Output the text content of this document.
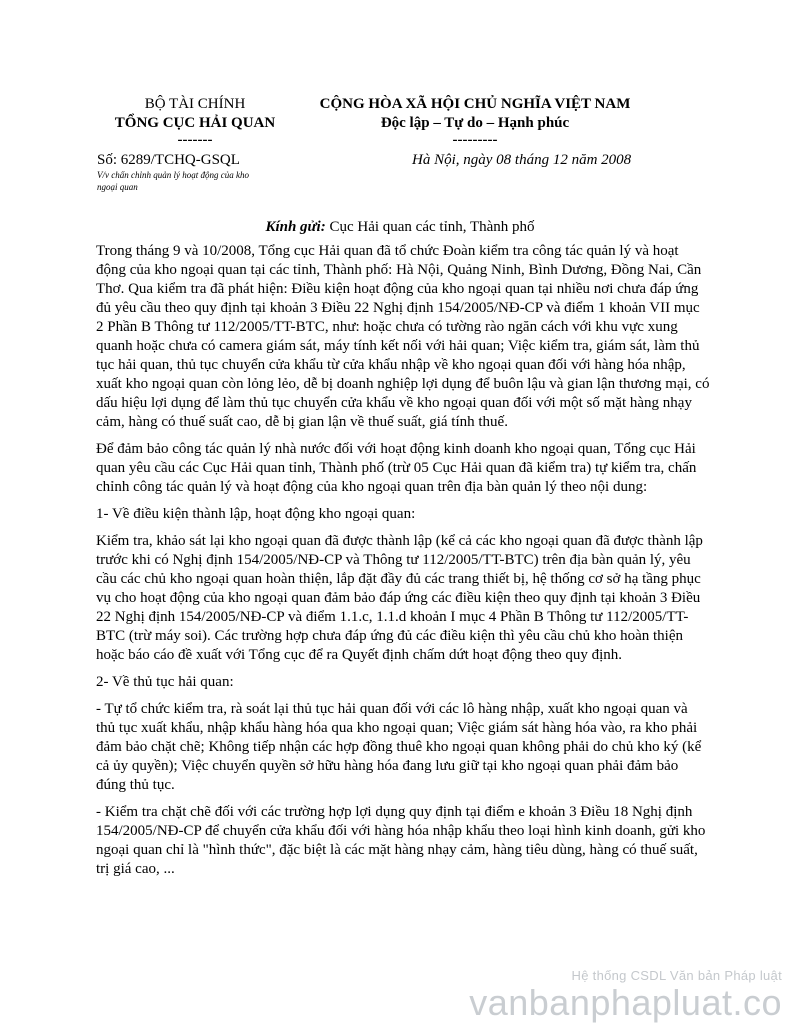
BỘ TÀI CHÍNH
TỔNG CỤC HẢI QUAN
-------
Số: 6289/TCHQ-GSQL
V/v chấn chỉnh quản lý hoạt động của kho
ngoại quan
CỘNG HÒA XÃ HỘI CHỦ NGHĨA VIỆT NAM
Độc lập – Tự do – Hạnh phúc
---------
Hà Nội, ngày 08 tháng 12 năm 2008
Kính gửi: Cục Hải quan các tỉnh, Thành phố

Trong tháng 9 và 10/2008, Tổng cục Hải quan đã tổ chức Đoàn kiểm tra công tác quản lý và hoạt động của kho ngoại quan tại các tỉnh, Thành phố: Hà Nội, Quảng Ninh, Bình Dương, Đồng Nai, Cần Thơ. Qua kiểm tra đã phát hiện: Điều kiện hoạt động của kho ngoại quan tại nhiều nơi chưa đáp ứng đủ yêu cầu theo quy định tại khoản 3 Điều 22 Nghị định 154/2005/NĐ-CP và điểm 1 khoản VII mục 2 Phần B Thông tư 112/2005/TT-BTC, như: hoặc chưa có tường rào ngăn cách với khu vực xung quanh hoặc chưa có camera giám sát, máy tính kết nối với hải quan; Việc kiểm tra, giám sát, làm thủ tục hải quan, thủ tục chuyển cửa khẩu từ cửa khẩu nhập về kho ngoại quan đối với hàng hóa nhập, xuất kho ngoại quan còn lỏng lẻo, dễ bị doanh nghiệp lợi dụng để buôn lậu và gian lận thương mại, có dấu hiệu lợi dụng để làm thủ tục chuyển cửa khẩu về kho ngoại quan đối với một số mặt hàng nhạy cảm, hàng có thuế suất cao, dễ bị gian lận về thuế suất, giá tính thuế.

Để đảm bảo công tác quản lý nhà nước đối với hoạt động kinh doanh kho ngoại quan, Tổng cục Hải quan yêu cầu các Cục Hải quan tỉnh, Thành phố (trừ 05 Cục Hải quan đã kiểm tra) tự kiểm tra, chấn chỉnh công tác quản lý và hoạt động của kho ngoại quan trên địa bàn quản lý theo nội dung:

1- Về điều kiện thành lập, hoạt động kho ngoại quan:

Kiểm tra, khảo sát lại kho ngoại quan đã được thành lập (kể cả các kho ngoại quan đã được thành lập trước khi có Nghị định 154/2005/NĐ-CP và Thông tư 112/2005/TT-BTC) trên địa bàn quản lý, yêu cầu các chủ kho ngoại quan hoàn thiện, lắp đặt đầy đủ các trang thiết bị, hệ thống cơ sở hạ tầng phục vụ cho hoạt động của kho ngoại quan đảm bảo đáp ứng các điều kiện theo quy định tại khoản 3 Điều 22 Nghị định 154/2005/NĐ-CP và điểm 1.1.c, 1.1.d khoản I mục 4 Phần B Thông tư 112/2005/TT-BTC (trừ máy soi). Các trường hợp chưa đáp ứng đủ các điều kiện thì yêu cầu chủ kho hoàn thiện hoặc báo cáo đề xuất với Tổng cục để ra Quyết định chấm dứt hoạt động theo quy định.

2- Về thủ tục hải quan:

- Tự tổ chức kiểm tra, rà soát lại thủ tục hải quan đối với các lô hàng nhập, xuất kho ngoại quan và thủ tục xuất khẩu, nhập khẩu hàng hóa qua kho ngoại quan; Việc giám sát hàng hóa vào, ra kho phải đảm bảo chặt chẽ; Không tiếp nhận các hợp đồng thuê kho ngoại quan không phải do chủ kho ký (kể cả ủy quyền); Việc chuyển quyền sở hữu hàng hóa đang lưu giữ tại kho ngoại quan phải đảm bảo đúng thủ tục.

- Kiểm tra chặt chẽ đối với các trường hợp lợi dụng quy định tại điểm e khoản 3 Điều 18 Nghị định 154/2005/NĐ-CP để chuyển cửa khẩu đối với hàng hóa nhập khẩu theo loại hình kinh doanh, gửi kho ngoại quan chỉ là "hình thức", đặc biệt là các mặt hàng nhạy cảm, hàng tiêu dùng, hàng có thuế suất, trị giá cao, ...

Hệ thống CSDL Văn bản Pháp luật
vanbanphapluat.co
